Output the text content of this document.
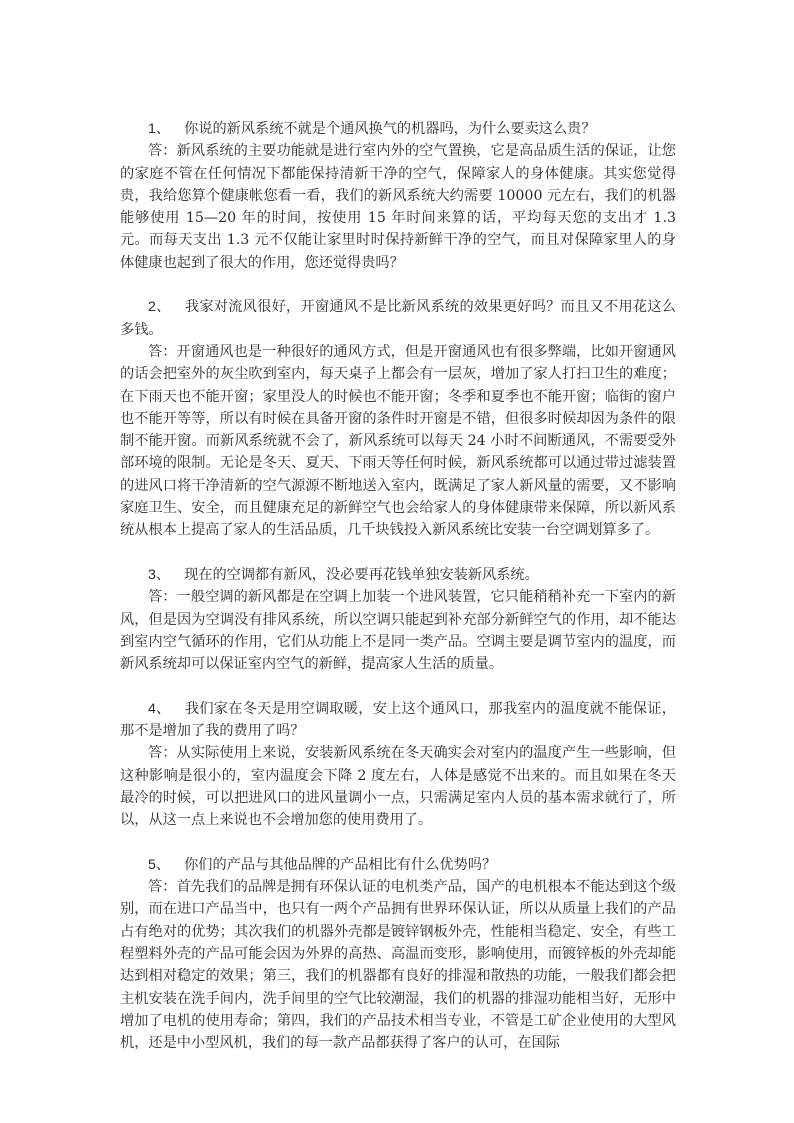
1、 你说的新风系统不就是个通风换气的机器吗，为什么要卖这么贵？

答：新风系统的主要功能就是进行室内外的空气置换，它是高品质生活的保证，让您的家庭不管在任何情况下都能保持清新干净的空气，保障家人的身体健康。其实您觉得贵，我给您算个健康帐您看一看，我们的新风系统大约需要 10000 元左右，我们的机器能够使用 15—20 年的时间，按使用 15 年时间来算的话，平均每天您的支出才 1.3 元。而每天支出 1.3 元不仅能让家里时时保持新鲜干净的空气，而且对保障家里人的身体健康也起到了很大的作用，您还觉得贵吗？

2、 我家对流风很好，开窗通风不是比新风系统的效果更好吗？而且又不用花这么多钱。

答：开窗通风也是一种很好的通风方式，但是开窗通风也有很多弊端，比如开窗通风的话会把室外的灰尘吹到室内，每天桌子上都会有一层灰，增加了家人打扫卫生的难度；在下雨天也不能开窗；家里没人的时候也不能开窗；冬季和夏季也不能开窗；临街的窗户也不能开等等，所以有时候在具备开窗的条件时开窗是不错，但很多时候却因为条件的限制不能开窗。而新风系统就不会了，新风系统可以每天 24 小时不间断通风，不需要受外部环境的限制。无论是冬天、夏天、下雨天等任何时候，新风系统都可以通过带过滤装置的进风口将干净清新的空气源源不断地送入室内，既满足了家人新风量的需要，又不影响家庭卫生、安全，而且健康充足的新鲜空气也会给家人的身体健康带来保障，所以新风系统从根本上提高了家人的生活品质，几千块钱投入新风系统比安装一台空调划算多了。

3、 现在的空调都有新风，没必要再花钱单独安装新风系统。

答：一般空调的新风都是在空调上加装一个进风装置，它只能稍稍补充一下室内的新风，但是因为空调没有排风系统，所以空调只能起到补充部分新鲜空气的作用，却不能达到室内空气循环的作用，它们从功能上不是同一类产品。空调主要是调节室内的温度，而新风系统却可以保证室内空气的新鲜，提高家人生活的质量。

4、 我们家在冬天是用空调取暖，安上这个通风口，那我室内的温度就不能保证，那不是增加了我的费用了吗？

答：从实际使用上来说，安装新风系统在冬天确实会对室内的温度产生一些影响，但这种影响是很小的，室内温度会下降 2 度左右，人体是感觉不出来的。而且如果在冬天最冷的时候，可以把进风口的进风量调小一点，只需满足室内人员的基本需求就行了，所以，从这一点上来说也不会增加您的使用费用了。

5、 你们的产品与其他品牌的产品相比有什么优势吗？

答：首先我们的品牌是拥有环保认证的电机类产品，国产的电机根本不能达到这个级别，而在进口产品当中，也只有一两个产品拥有世界环保认证，所以从质量上我们的产品占有绝对的优势；其次我们的机器外壳都是镀锌钢板外壳，性能相当稳定、安全，有些工程塑料外壳的产品可能会因为外界的高热、高温而变形，影响使用，而镀锌板的外壳却能达到相对稳定的效果；第三，我们的机器都有良好的排湿和散热的功能，一般我们都会把主机安装在洗手间内，洗手间里的空气比较潮湿，我们的机器的排湿功能相当好，无形中增加了电机的使用寿命；第四，我们的产品技术相当专业，不管是工矿企业使用的大型风机，还是中小型风机，我们的每一款产品都获得了客户的认可，在国际
